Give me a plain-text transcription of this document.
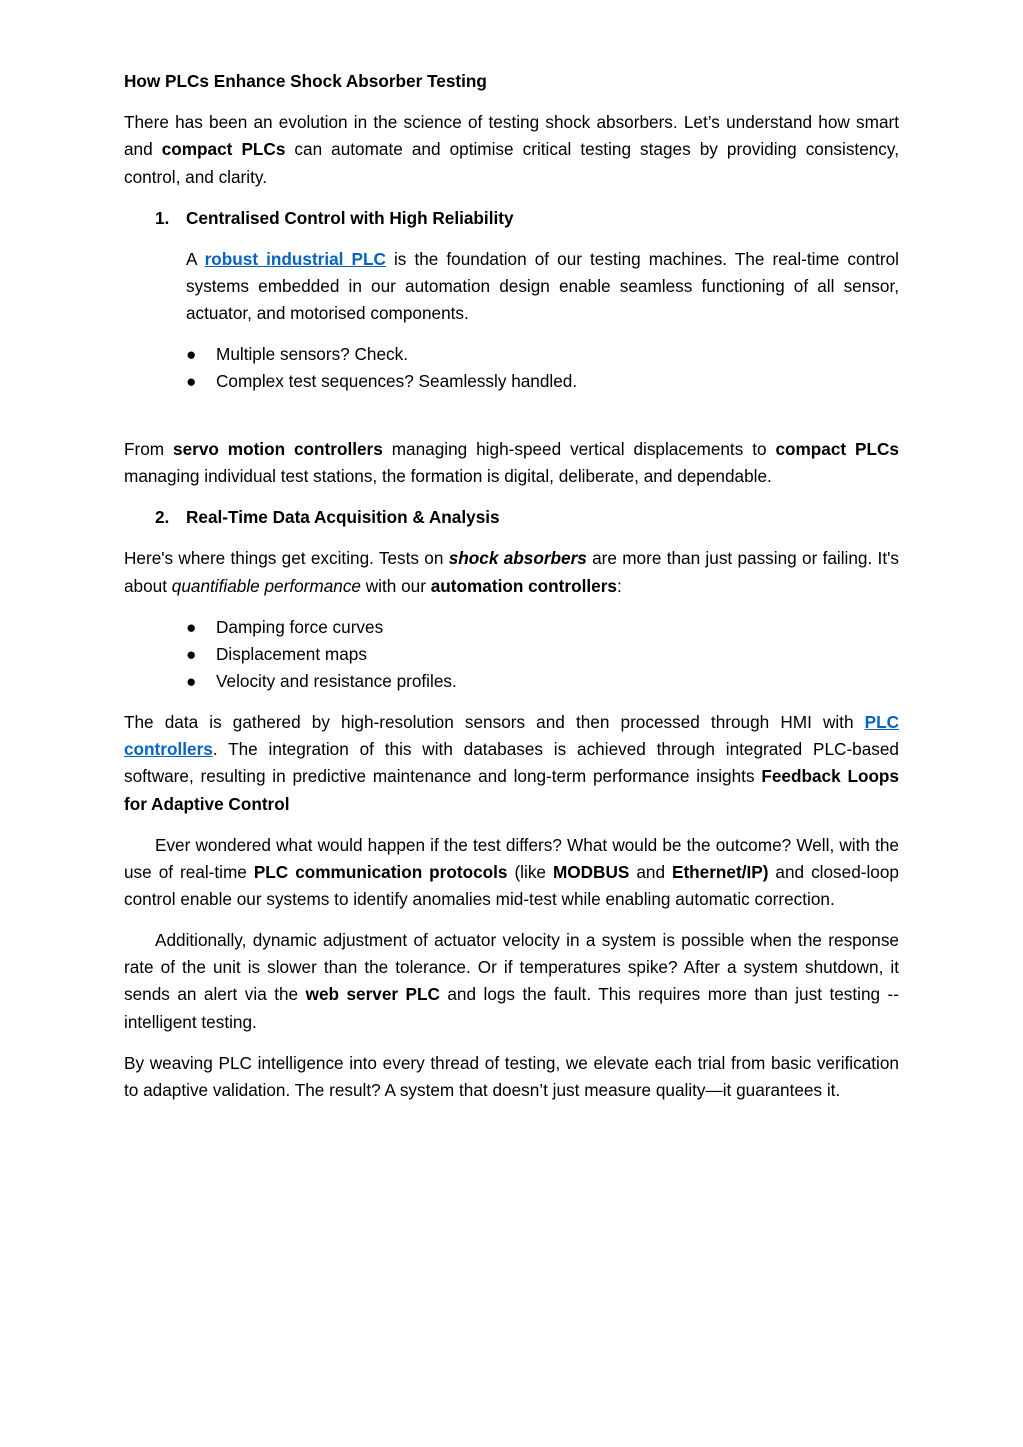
How PLCs Enhance Shock Absorber Testing

There has been an evolution in the science of testing shock absorbers. Let’s understand how smart and compact PLCs can automate and optimise critical testing stages by providing consistency, control, and clarity.

1. Centralised Control with High Reliability

A robust industrial PLC is the foundation of our testing machines. The real-time control systems embedded in our automation design enable seamless functioning of all sensor, actuator, and motorised components.

●	Multiple sensors? Check.
●	Complex test sequences? Seamlessly handled.

From servo motion controllers managing high-speed vertical displacements to compact PLCs managing individual test stations, the formation is digital, deliberate, and dependable.

2. Real-Time Data Acquisition & Analysis

Here's where things get exciting. Tests on shock absorbers are more than just passing or failing. It's about quantifiable performance with our automation controllers:

●	Damping force curves
●	Displacement maps
●	Velocity and resistance profiles.

The data is gathered by high-resolution sensors and then processed through HMI with PLC controllers. The integration of this with databases is achieved through integrated PLC-based software, resulting in predictive maintenance and long-term performance insights Feedback Loops for Adaptive Control

Ever wondered what would happen if the test differs? What would be the outcome? Well, with the use of real-time PLC communication protocols (like MODBUS and Ethernet/IP) and closed-loop control enable our systems to identify anomalies mid-test while enabling automatic correction.

Additionally, dynamic adjustment of actuator velocity in a system is possible when the response rate of the unit is slower than the tolerance. Or if temperatures spike? After a system shutdown, it sends an alert via the web server PLC and logs the fault. This requires more than just testing -- intelligent testing.

By weaving PLC intelligence into every thread of testing, we elevate each trial from basic verification to adaptive validation. The result? A system that doesn’t just measure quality—it guarantees it.
